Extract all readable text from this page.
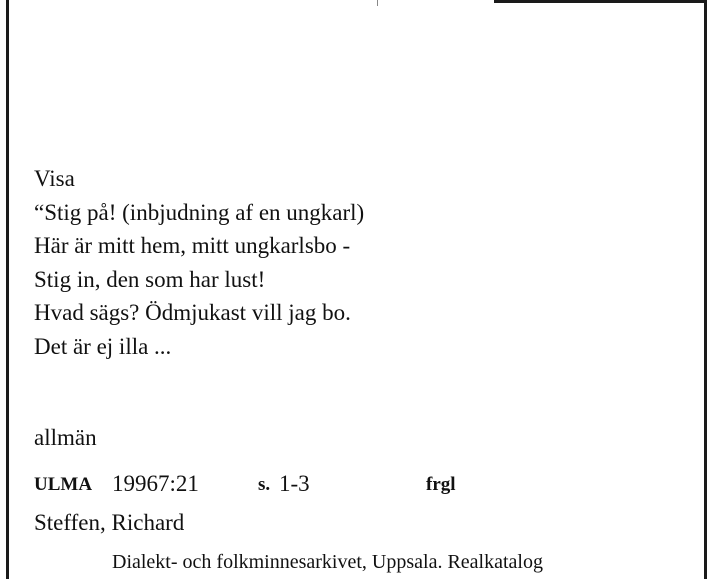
Visa
“Stig på! (inbjudning af en ungkarl)
Här är mitt hem, mitt ungkarlsbo -
Stig in, den som har lust!
Hvad sägs? Ödmjukast vill jag bo.
Det är ej illa ...
allmän
ULMA 19967:21	s. 1-3	frgl
Steffen, Richard
Dialekt- och folkminnesarkivet, Uppsala. Realkatalog
